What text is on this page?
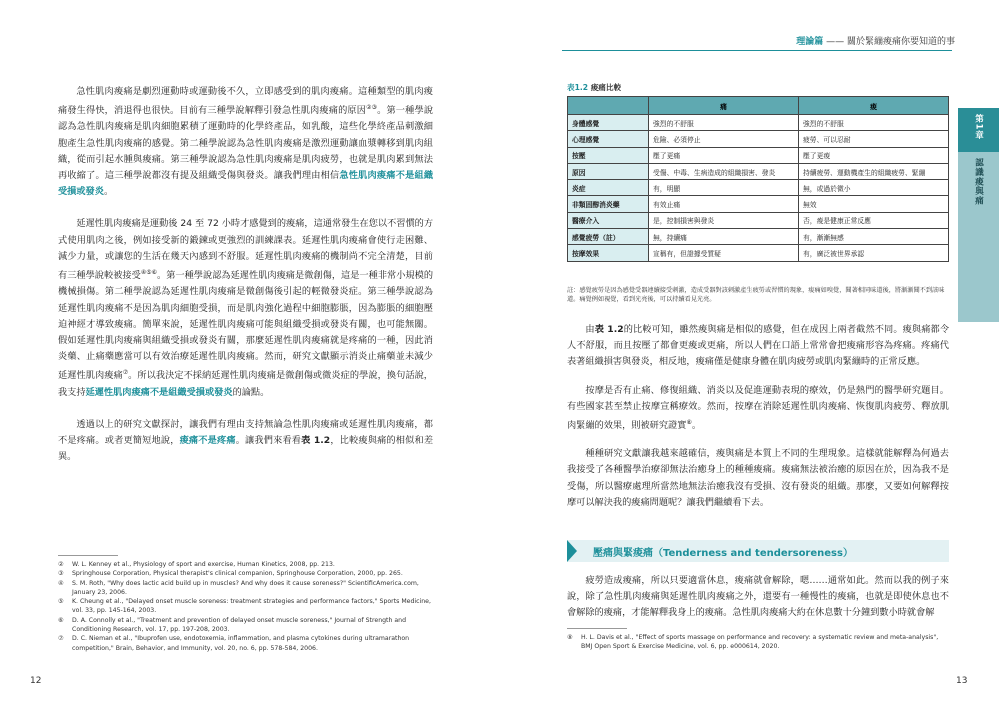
急性肌肉痠痛是劇烈運動時或運動後不久，立即感受到的肌肉痠痛。這種類型的肌肉痠痛發生得快，消退得也很快。目前有三種學說解釋引發急性肌肉痠痛的原因②③。第一種學說認為急性肌肉痠痛是肌肉細胞累積了運動時的化學終產品，如乳酸，這些化學終產品刺激細胞產生急性肌肉痠痛的感覺。第二種學說認為急性肌肉痠痛是激烈運動讓血漿轉移到肌肉組織，從而引起水腫與痠痛。第三種學說認為急性肌肉痠痛是肌肉疲勞，也就是肌肉累到無法再收縮了。這三種學說都沒有提及組織受傷與發炎。讓我們理由相信急性肌肉痠痛不是組織受損或發炎。

延遲性肌肉痠痛是運動後 24 至 72 小時才感覺到的痠痛，這通常發生在您以不習慣的方式使用肌肉之後，例如接受新的鍛鍊或更強烈的訓練課表。延遲性肌肉痠痛會使行走困難、減少力量，或讓您的生活在幾天內感到不舒服。延遲性肌肉痠痛的機制尚不完全清楚，目前有三種學說較被接受④⑤⑥。第一種學說認為延遲性肌肉痠痛是微創傷，這是一種非常小規模的機械損傷。第二種學說認為延遲性肌肉痠痛是微創傷後引起的輕微發炎症。第三種學說認為延遲性肌肉痠痛不是因為肌肉細胞受損，而是肌肉強化過程中細胞膨脹，因為膨脹的細胞壓迫神經才導致痠痛。簡單來說，延遲性肌肉痠痛可能與組織受損或發炎有關，也可能無關。假如延遲性肌肉痠痛與組織受損或發炎有關，那麼延遲性肌肉痠痛就是疼痛的一種，因此消炎藥、止痛藥應當可以有效治療延遲性肌肉痠痛。然而，研究文獻顯示消炎止痛藥並未減少延遲性肌肉痠痛⑦。所以我決定不採納延遲性肌肉痠痛是微創傷或微炎症的學說，換句話說，我支持延遲性肌肉痠痛不是組織受損或發炎的論點。

透過以上的研究文獻探討，讓我們有理由支持無論急性肌肉痠痛或延遲性肌肉痠痛，都不是疼痛。或者更簡短地說，痠痛不是疼痛。讓我們來看看表 1.2，比較痠與痛的相似和差異。

②	W. L. Kenney et al., Physiology of sport and exercise, Human Kinetics, 2008, pp. 213.
③	Springhouse Corporation, Physical therapist's clinical companion, Springhouse Corporation, 2000, pp. 265.
④	S. M. Roth, "Why does lactic acid build up in muscles? And why does it cause soreness?" ScientificAmerica.com, January 23, 2006.
⑤	K. Cheung et al., "Delayed onset muscle soreness: treatment strategies and performance factors," Sports Medicine, vol. 33, pp. 145-164, 2003.
⑥	D. A. Connolly et al., "Treatment and prevention of delayed onset muscle soreness," Journal of Strength and Conditioning Research, vol. 17, pp. 197-208, 2003.
⑦	D. C. Nieman et al., "Ibuprofen use, endotoxemia, inflammation, and plasma cytokines during ultramarathon competition," Brain, Behavior, and Immunity, vol. 20, no. 6, pp. 578-584, 2006.
12
理論篇 —— 關於緊繃痠痛你要知道的事
第1章
認識痠與痛
表1.2 痠痛比較
	痛	痠
身體感覺	強烈的不舒服	強烈的不舒服
心理感覺	危險、必須停止	疲勞、可以忍耐
按壓	壓了更痛	壓了更痠
原因	受傷、中毒、生病造成的組織損害、發炎	持續疲勞、運動機產生的組織疲勞、緊繃
炎症	有，明顯	無，或過於微小
非類固醇消炎藥	有效止痛	無效
醫療介入	是，控制損害與發炎	否，痠是健康正常反應
感覺疲勞（註）	無，持續痛	有，漸漸無感
按摩效果	宣稱有，但證據受質疑	有，廣泛被世界承認
註：感覺疲勞是因為感覺受器連續接受刺激，造成受器對該刺激產生疲勞或習慣的現象，痠痛如嗅覺，聞著相同味道後，將漸漸聞不到該味道。痛覺例如視覺，看到光亮後，可以持續看見光亮。

由表 1.2的比較可知，雖然痠與痛是相似的感覺，但在成因上兩者截然不同。痠與痛都令人不舒服，而且按壓了都會更痠或更痛，所以人們在口語上常常會把痠痛形容為疼痛。疼痛代表著組織損害與發炎，相反地，痠痛僅是健康身體在肌肉疲勞或肌肉緊繃時的正常反應。

按摩是否有止痛、修復組織、消炎以及促進運動表現的療效，仍是熱門的醫學研究題目。有些國家甚至禁止按摩宣稱療效。然而，按摩在消除延遲性肌肉痠痛、恢復肌肉疲勞、釋放肌肉緊繃的效果，則被研究證實⑧。

種種研究文獻讓我越來越確信，痠與痛是本質上不同的生理現象。這樣就能解釋為何過去我接受了各種醫學治療卻無法治癒身上的種種痠痛。痠痛無法被治癒的原因在於，因為我不是受傷，所以醫療處理所當然地無法治癒我沒有受損、沒有發炎的組織。那麼，又要如何解釋按摩可以解決我的痠痛問題呢？讓我們繼續看下去。

壓痛與緊痠痛（Tenderness and tendersoreness）

疲勞造成痠痛，所以只要適當休息，痠痛就會解除，嗯……通常如此。然而以我的例子來說，除了急性肌肉痠痛與延遲性肌肉痠痛之外，還要有一種慢性的痠痛，也就是即使休息也不會解除的痠痛，才能解釋我身上的痠痛。急性肌肉痠痛大約在休息數十分鐘到數小時就會解

⑧	H. L. Davis et al., "Effect of sports massage on performance and recovery: a systematic review and meta-analysis", BMJ Open Sport & Exercise Medicine, vol. 6, pp. e000614, 2020.
13
